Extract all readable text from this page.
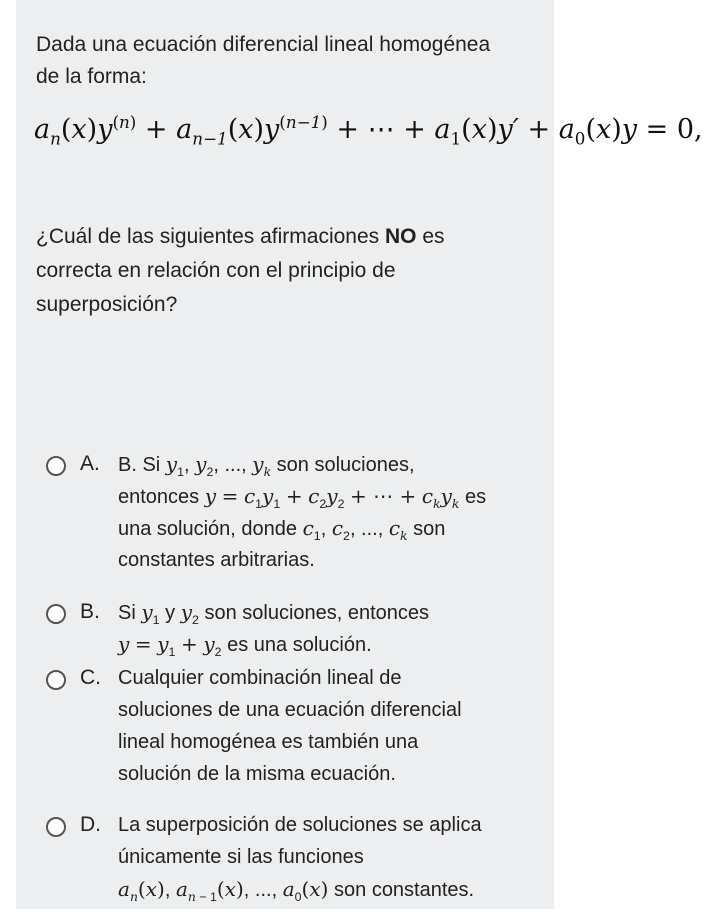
Dada una ecuación diferencial lineal homogénea
de la forma:
$a_n(x)y^{(n)} + a_{n-1}(x)y^{(n-1)}$ + ⋯ + $a_1(x)y' + a_0(x)y = 0$,
¿Cuál de las siguientes afirmaciones NO es
correcta en relación con el principio de
superposición?
A. B. Si $y_1$, $y_2$, ..., $y_k$ son soluciones,
entonces $y = c_1y_1 + c_2y_2$ + ⋯ + $c_ky_k$ es
una solución, donde $c_1$, $c_2$, ..., $c_k$ son
constantes arbitrarias.
B. Si $y_1$ y $y_2$ son soluciones, entonces
$y = y_1 + y_2$ es una solución.
C. Cualquier combinación lineal de
soluciones de una ecuación diferencial
lineal homogénea es también una
solución de la misma ecuación.
D. La superposición de soluciones se aplica
únicamente si las funciones
$a_n(x)$, $a_{n - 1}(x)$, ..., $a_0(x)$ son constantes.
